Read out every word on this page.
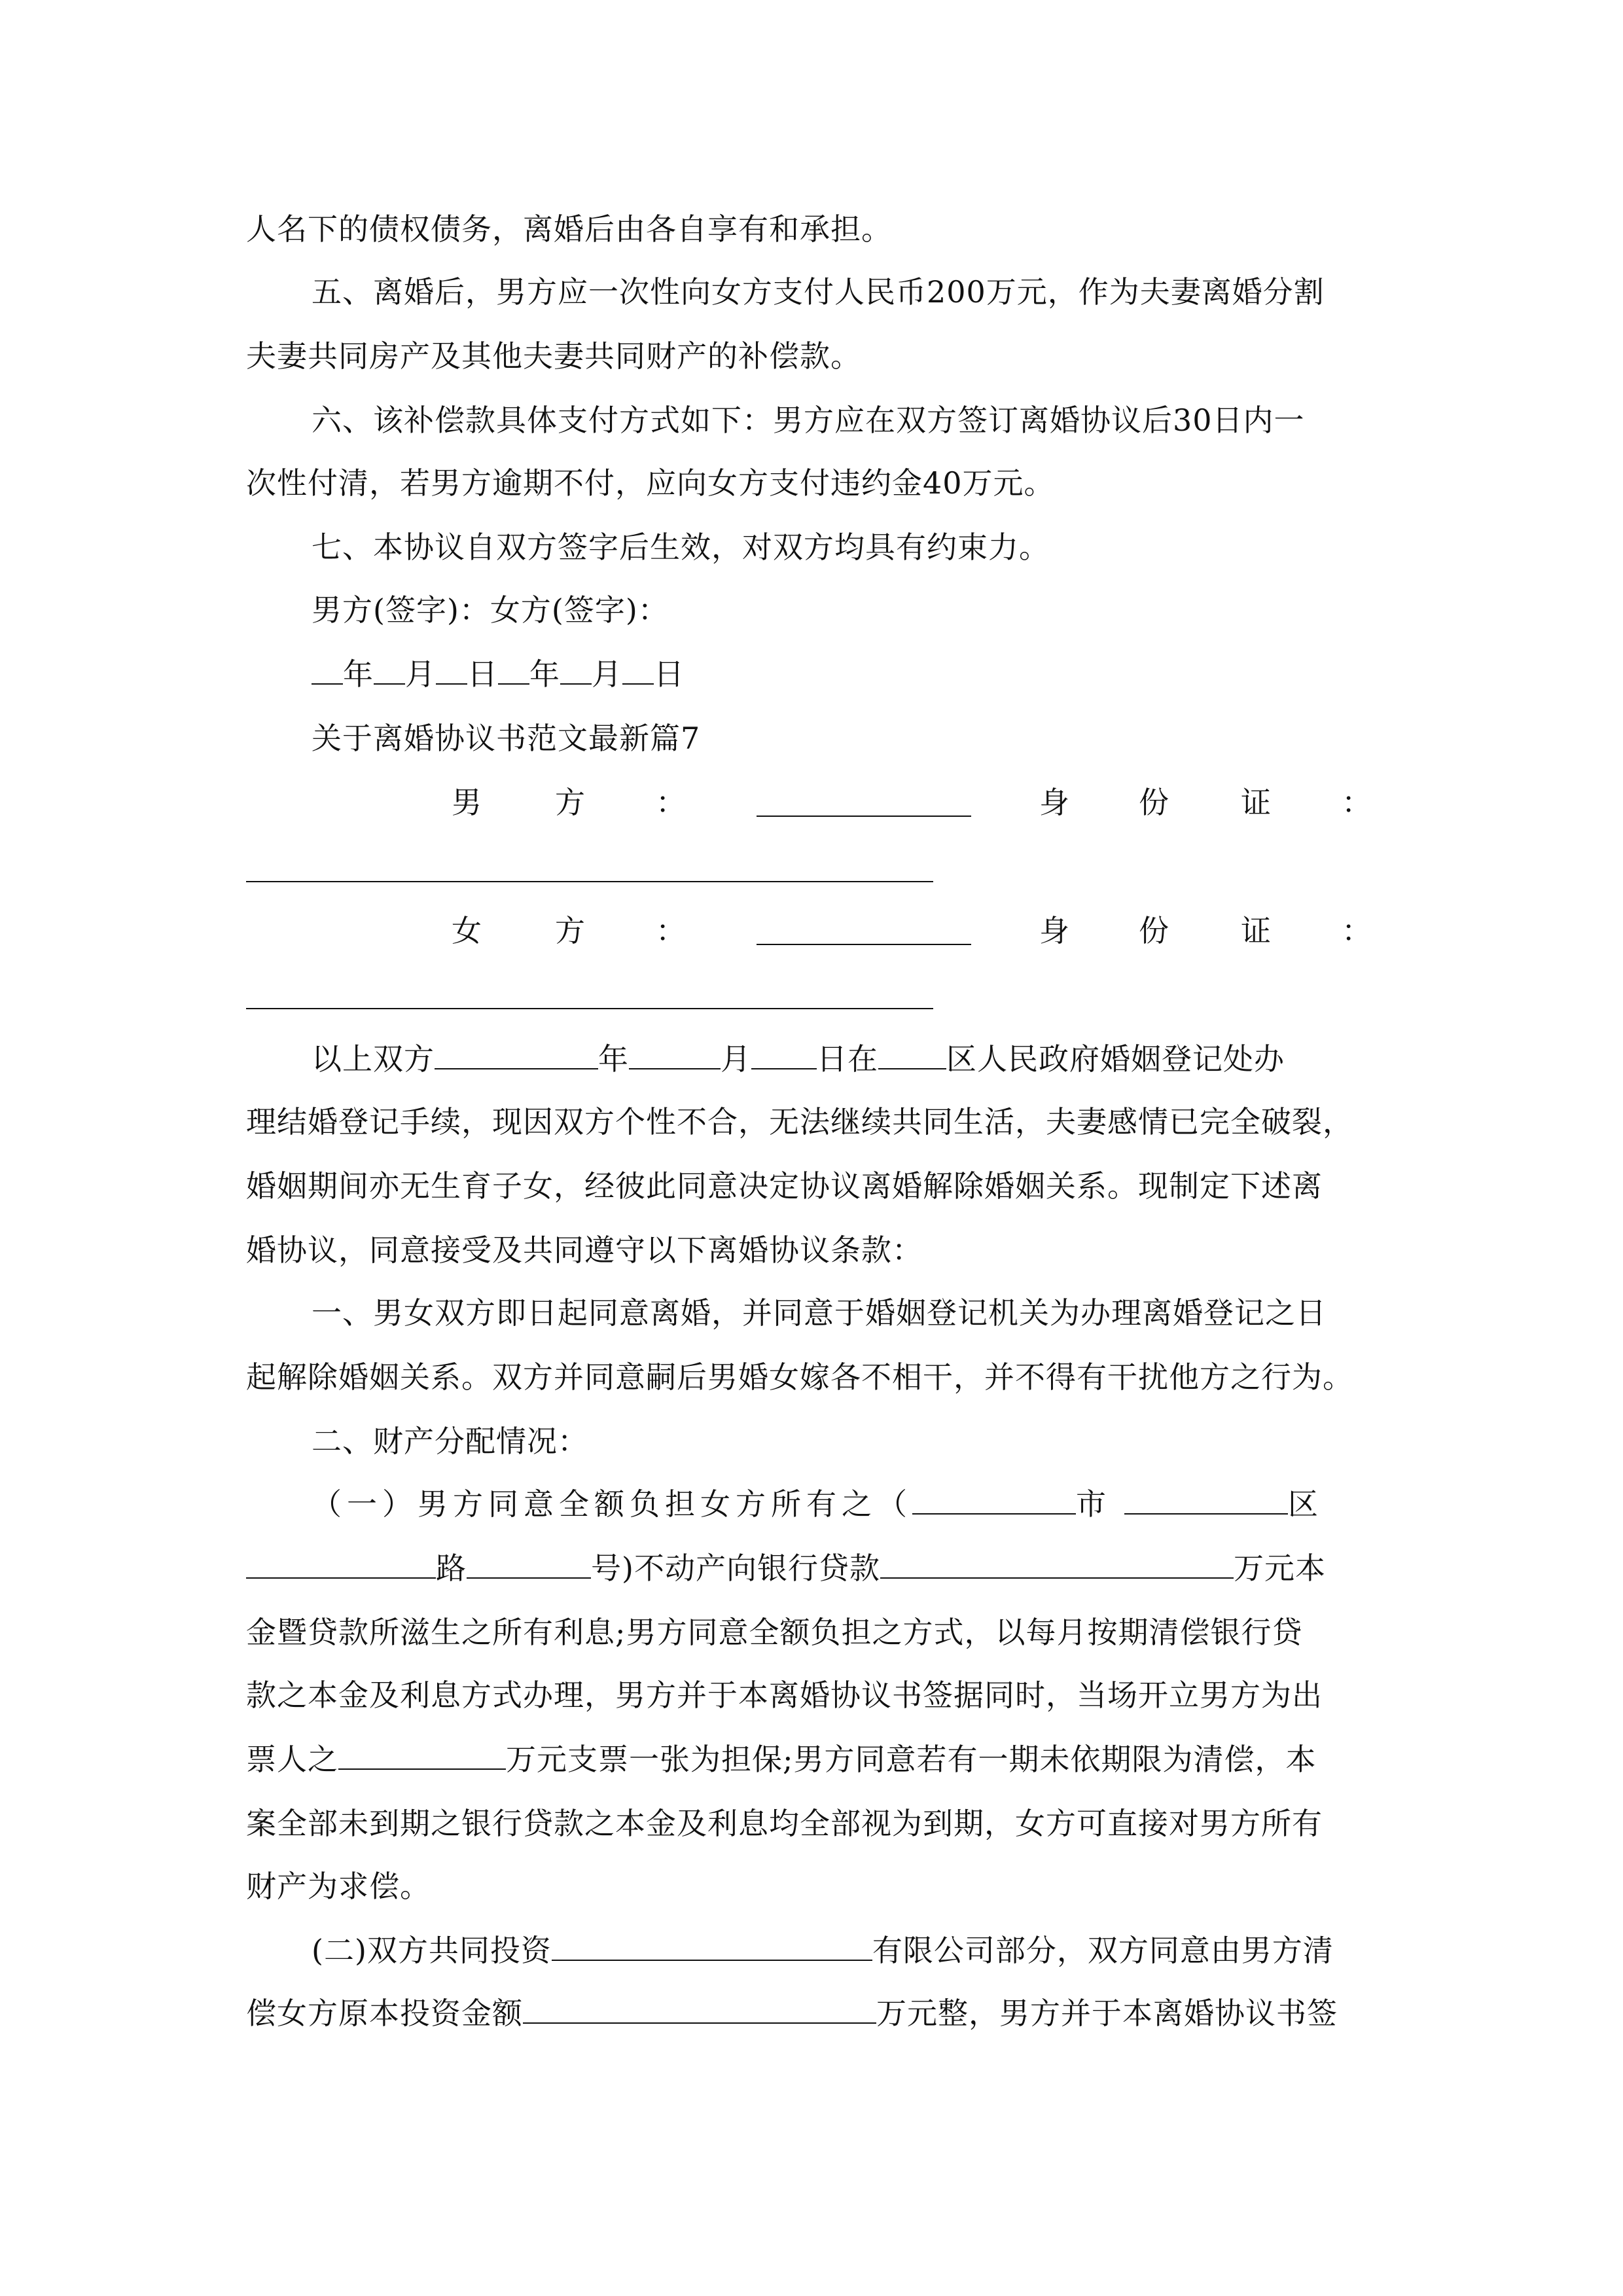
人名下的债权债务，离婚后由各自享有和承担。
五、离婚后，男方应一次性向女方支付人民币200万元，作为夫妻离婚分割
夫妻共同房产及其他夫妻共同财产的补偿款。
六、该补偿款具体支付方式如下：男方应在双方签订离婚协议后30日内一
次性付清，若男方逾期不付，应向女方支付违约金40万元。
七、本协议自双方签字后生效，对双方均具有约束力。
男方(签字)：女方(签字)：
年 月 日 年 月 日
关于离婚协议书范文最新篇7
男 方 ：	身 份 证 ：
女 方 ：	身 份 证 ：
以上双方	年	月 日在 区人民政府婚姻登记处办
理结婚登记手续，现因双方个性不合，无法继续共同生活，夫妻感情已完全破裂，
婚姻期间亦无生育子女，经彼此同意决定协议离婚解除婚姻关系。现制定下述离
婚协议，同意接受及共同遵守以下离婚协议条款：
一、男女双方即日起同意离婚，并同意于婚姻登记机关为办理离婚登记之日
起解除婚姻关系。双方并同意嗣后男婚女嫁各不相干，并不得有干扰他方之行为。
二、财产分配情况：
（一）男方同意全额负担女方所有之（	市	区
路	号)不动产向银行贷款	万元本
金暨贷款所滋生之所有利息;男方同意全额负担之方式，以每月按期清偿银行贷
款之本金及利息方式办理，男方并于本离婚协议书签据同时，当场开立男方为出
票人之	万元支票一张为担保;男方同意若有一期未依期限为清偿，本
案全部未到期之银行贷款之本金及利息均全部视为到期，女方可直接对男方所有
财产为求偿。
(二)双方共同投资	有限公司部分，双方同意由男方清
偿女方原本投资金额	万元整，男方并于本离婚协议书签
